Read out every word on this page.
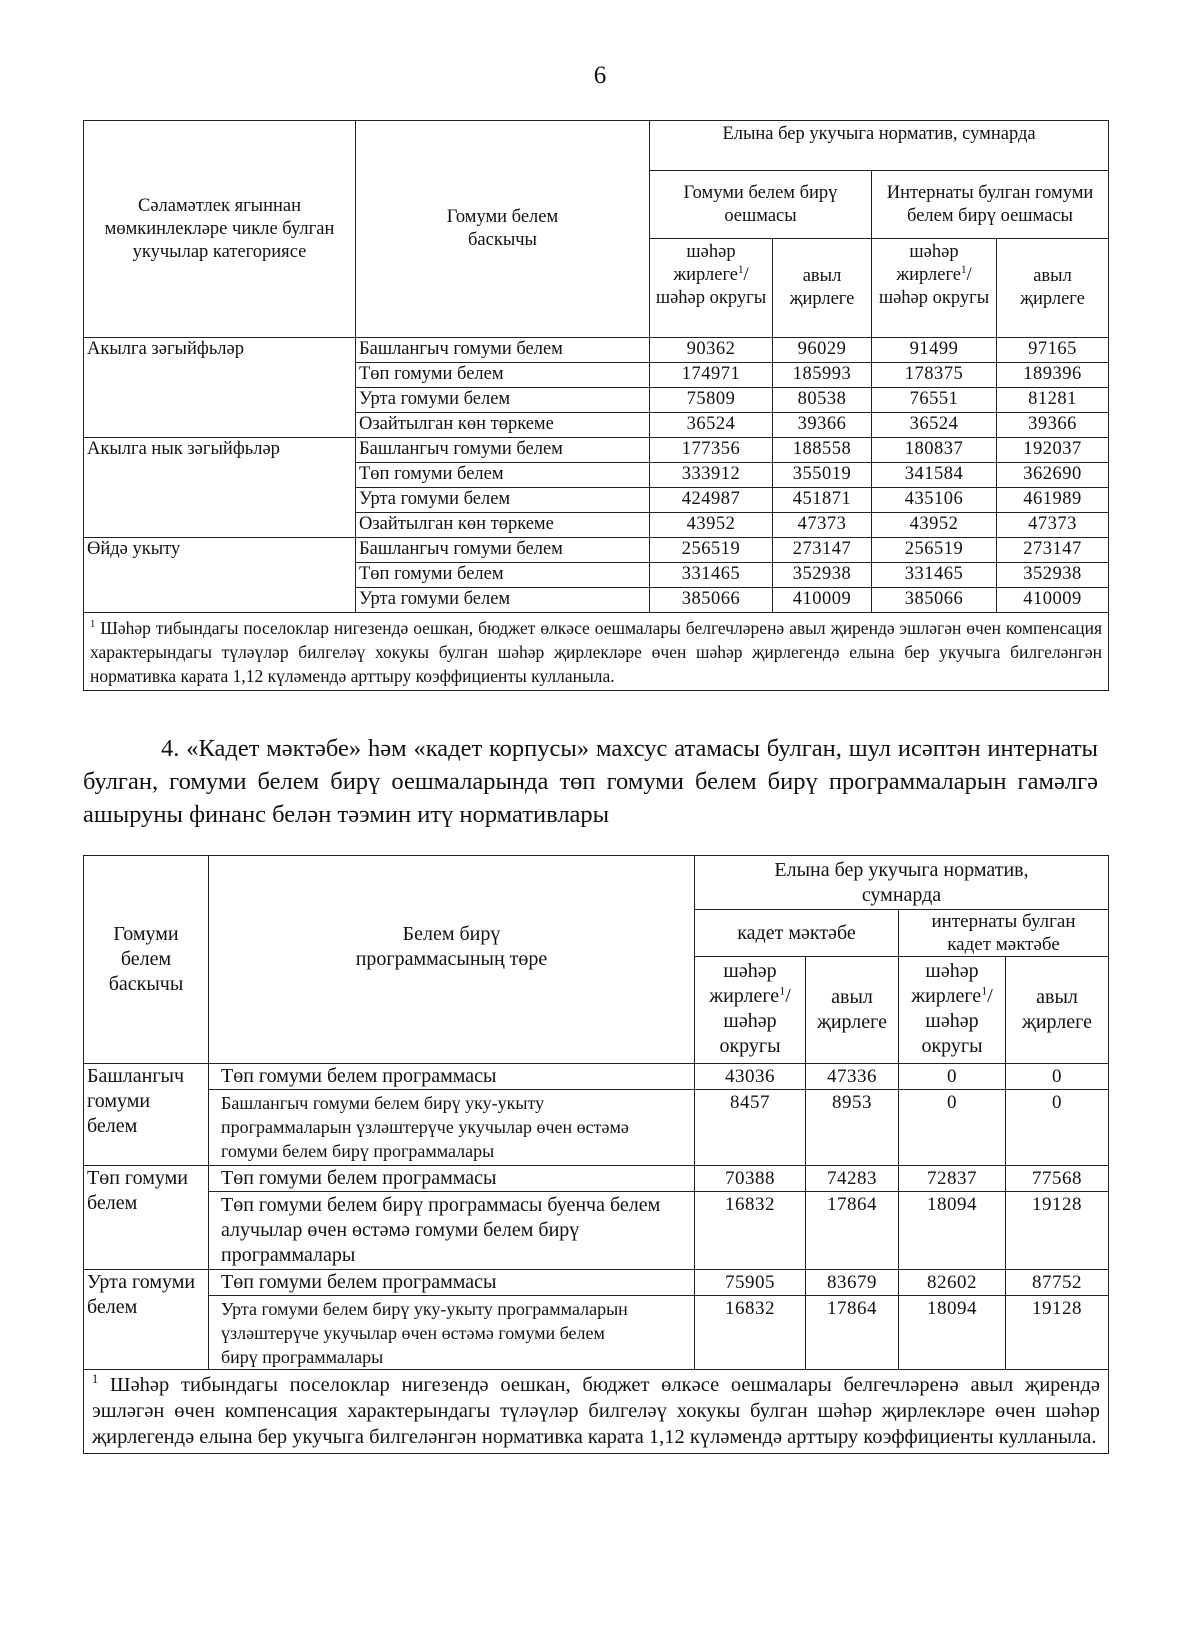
6
Сәламәтлек ягыннан мөмкинлекләре чикле булган укучылар категориясе	Гомуми белем баскычы	Елына бер укучыга норматив, сумнарда			
		Гомуми белем бирү оешмасы		Интернаты булган гомуми белем бирү оешмасы	
		шәһәр жирлеге$^1$/ шәһәр округы	авыл җирлеге	шәһәр жирлеге$^1$/ шәһәр округы	авыл җирлеге
Акылга зәгыйфьләр	Башлангыч гомуми белем	90362	96029	91499	97165
	Төп гомуми белем	174971	185993	178375	189396
	Урта гомуми белем	75809	80538	76551	81281
	Озайтылган көн төркеме	36524	39366	36524	39366
Акылга нык зәгыйфьләр	Башлангыч гомуми белем	177356	188558	180837	192037
	Төп гомуми белем	333912	355019	341584	362690
	Урта гомуми белем	424987	451871	435106	461989
	Озайтылган көн төркеме	43952	47373	43952	47373
Өйдә укыту	Башлангыч гомуми белем	256519	273147	256519	273147
	Төп гомуми белем	331465	352938	331465	352938
	Урта гомуми белем	385066	410009	385066	410009
$^1$ Шәһәр тибындагы поселоклар нигезендә оешкан, бюджет өлкәсе оешмалары белгечләренә авыл җирендә эшләгән өчен компенсация характерындагы түләүләр билгеләү хокукы булган шәһәр җирлекләре өчен шәһәр җирлегендә елына бер укучыга билгеләнгән нормативка карата 1,12 күләмендә арттыру коэффициенты кулланыла.					

4. «Кадет мәктәбе» һәм «кадет корпусы» махсус атамасы булган, шул исәптән интернаты булган, гомуми белем бирү оешмаларында төп гомуми белем бирү программаларын гамәлгә ашыруны финанс белән тәэмин итү нормативлары

Гомуми белем баскычы	Белем бирү программасының төре	Елына бер укучыга норматив, сумнарда			
		кадет мәктәбе		интернаты булган кадет мәктәбе	
		шәһәр жирлеге$^1$/ шәһәр округы	авыл җирлеге	шәһәр жирлеге$^1$/ шәһәр округы	авыл җирлеге
Башлангыч гомуми белем	Төп гомуми белем программасы	43036	47336	0	0
	Башлангыч гомуми белем бирү уку-укыту программаларын үзләштерүче укучылар өчен өстәмә гомуми белем бирү программалары	8457	8953	0	0
Төп гомуми белем	Төп гомуми белем программасы	70388	74283	72837	77568
	Төп гомуми белем бирү программасы буенча белем алучылар өчен өстәмә гомуми белем бирү программалары	16832	17864	18094	19128
Урта гомуми белем	Төп гомуми белем программасы	75905	83679	82602	87752
	Урта гомуми белем бирү уку-укыту программаларын үзләштерүче укучылар өчен өстәмә гомуми белем бирү программалары	16832	17864	18094	19128
$^1$ Шәһәр тибындагы поселоклар нигезендә оешкан, бюджет өлкәсе оешмалары белгечләренә авыл җирендә эшләгән өчен компенсация характерындагы түләүләр билгеләү хокукы булган шәһәр җирлекләре өчен шәһәр җирлегендә елына бер укучыга билгеләнгән нормативка карата 1,12 күләмендә арттыру коэффициенты кулланыла.					
